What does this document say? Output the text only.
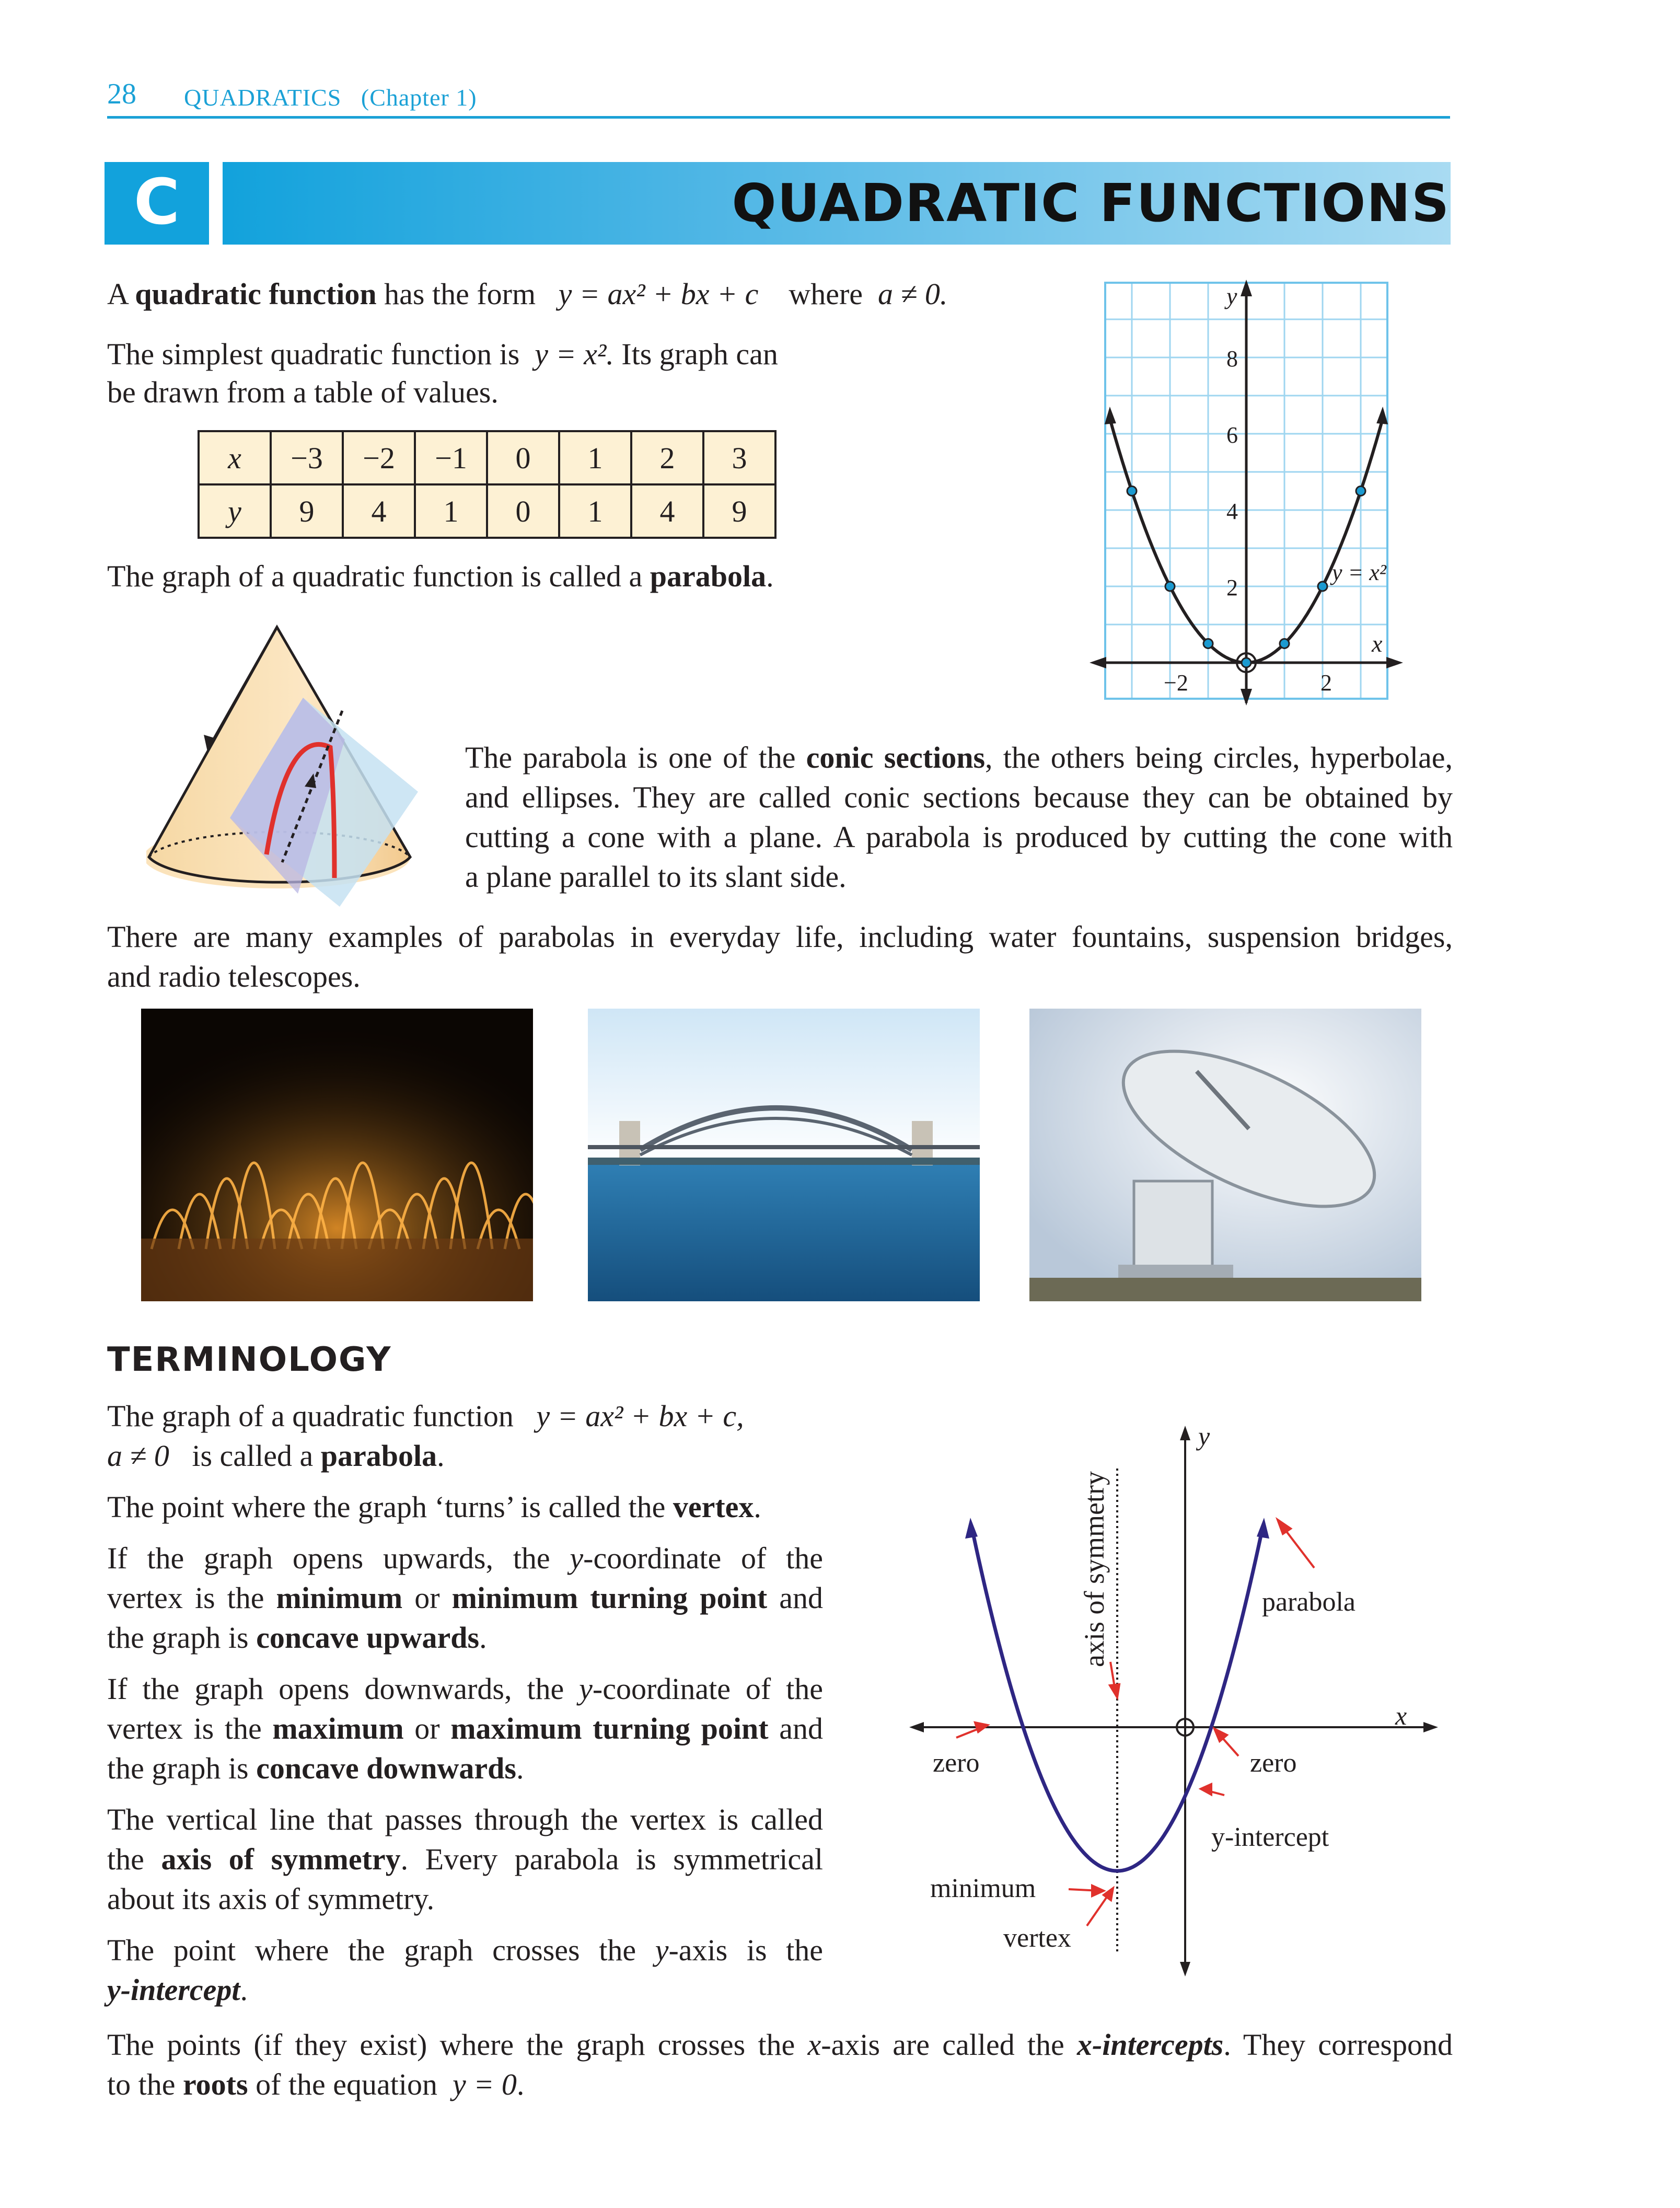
28 QUADRATICS (Chapter 1)
C	QUADRATIC FUNCTIONS

A quadratic function has the form   y = ax² + bx + c    where  a ≠ 0.

The simplest quadratic function is  y = x². Its graph can

be drawn from a table of values.

x	−3	−2	−1	0	1	2	3
y	9	4	1	0	1	4	9

The graph of a quadratic function is called a parabola.

y
x
y = x²
8
6
4
2
−2	2

The parabola is one of the conic sections, the others being circles, hyperbolae,

and ellipses. They are called conic sections because they can be obtained by

cutting a cone with a plane. A parabola is produced by cutting the cone with

a plane parallel to its slant side.

There are many examples of parabolas in everyday life, including water fountains, suspension bridges,

and radio telescopes.

TERMINOLOGY

The graph of a quadratic function   y = ax² + bx + c,

a ≠ 0   is called a parabola.

The point where the graph ‘turns’ is called the vertex.

If the graph opens upwards, the y-coordinate of the

vertex is the minimum or minimum turning point and

the graph is concave upwards.

If the graph opens downwards, the y-coordinate of the

vertex is the maximum or maximum turning point and

the graph is concave downwards.

The vertical line that passes through the vertex is called

the axis of symmetry. Every parabola is symmetrical

about its axis of symmetry.

The point where the graph crosses the y-axis is the

y-intercept.

The points (if they exist) where the graph crosses the x-axis are called the x-intercepts. They correspond

to the roots of the equation  y = 0.

y
x
axis of symmetry	parabola
zero	zero
y-intercept
minimum
vertex
